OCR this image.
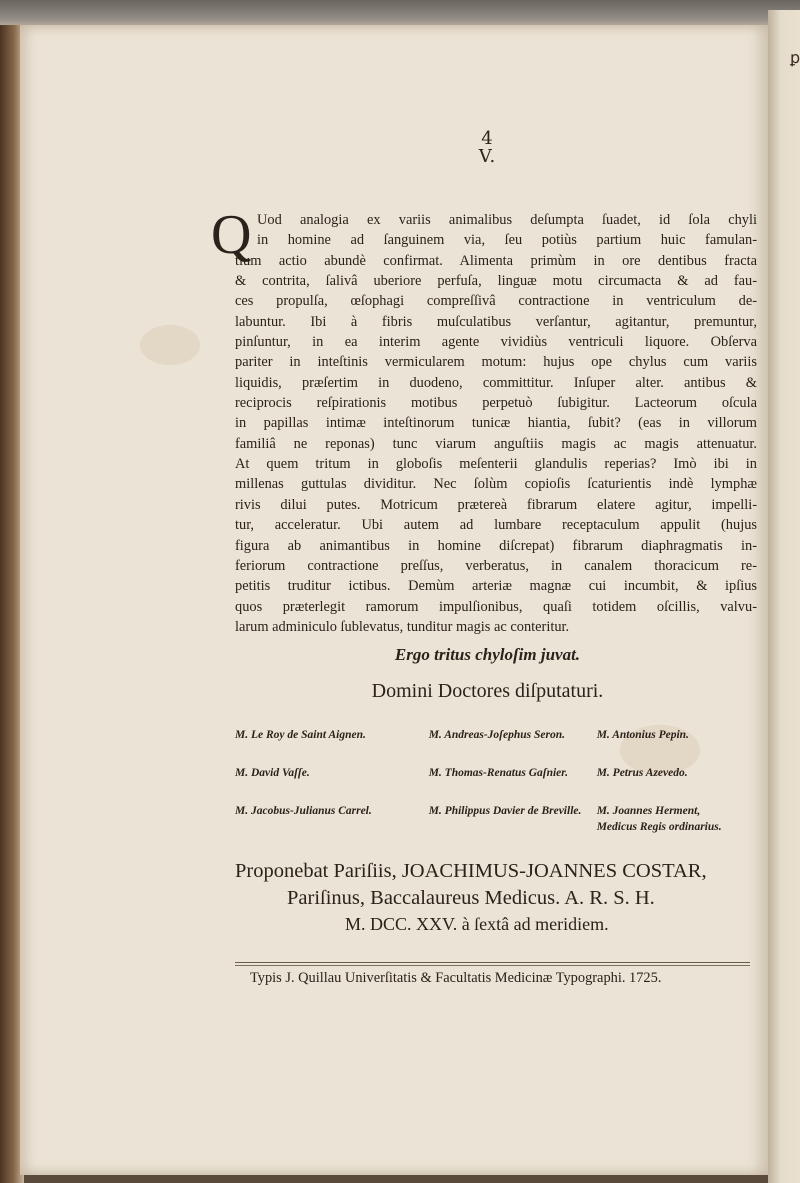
4
V.
Q Uod analogia ex variis animalibus deſumpta ſuadet, id ſola chyli
in homine ad ſanguinem via, ſeu potiùs partium huic famulan-
tium actio abundè confirmat. Alimenta primùm in ore dentibus fracta
& contrita, ſalivâ uberiore perfuſa, linguæ motu circumacta & ad fau-
ces propulſa, œſophagi compreſſivâ contractione in ventriculum de-
labuntur. Ibi à fibris muſculatibus verſantur, agitantur, premuntur,
pinſuntur, in ea interim agente vividiùs ventriculi liquore. Obſerva
pariter in inteſtinis vermicularem motum: hujus ope chylus cum variis
liquidis, præſertim in duodeno, committitur. Inſuper alter. antibus &
reciprocis reſpirationis motibus perpetuò ſubigitur. Lacteorum oſcula
in papillas intimæ inteſtinorum tunicæ hiantia, ſubit? (eas in villorum
familiâ ne reponas) tunc viarum anguſtiis magis ac magis attenuatur.
At quem tritum in globoſis meſenterii glandulis reperias? Imò ibi in
millenas guttulas dividitur. Nec ſolùm copioſis ſcaturientis indè lymphæ
rivis dilui putes. Motricum prætereà fibrarum elatere agitur, impelli-
tur, acceleratur. Ubi autem ad lumbare receptaculum appulit (hujus
figura ab animantibus in homine diſcrepat) fibrarum diaphragmatis in-
feriorum contractione preſſus, verberatus, in canalem thoracicum re-
petitis truditur ictibus. Demùm arteriæ magnæ cui incumbit, & ipſius
quos præterlegit ramorum impulſionibus, quaſi totidem oſcillis, valvu-
larum adminiculo ſublevatus, tunditur magis ac conteritur.
Ergo tritus chyloſim juvat.
Domini Doctores diſputaturi.
M. Le Roy de Saint Aignen.	M. Andreas-Joſephus Seron.	M. Antonius Pepin.
M. David Vaſſe.	M. Thomas-Renatus Gaſnier.	M. Petrus Azevedo.
M. Jacobus-Julianus Carrel.	M. Philippus Davier de Breville.	M. Joannes Herment, Medicus Regis ordinarius.
Proponebat Pariſiis, JOACHIMUS-JOANNES COSTAR,
Pariſinus, Baccalaureus Medicus. A. R. S. H.
M. DCC. XXV. à ſextâ ad meridiem.
Typis J. Quillau Univerſitatis & Facultatis Medicinæ Typographi. 1725.
ꝑ
